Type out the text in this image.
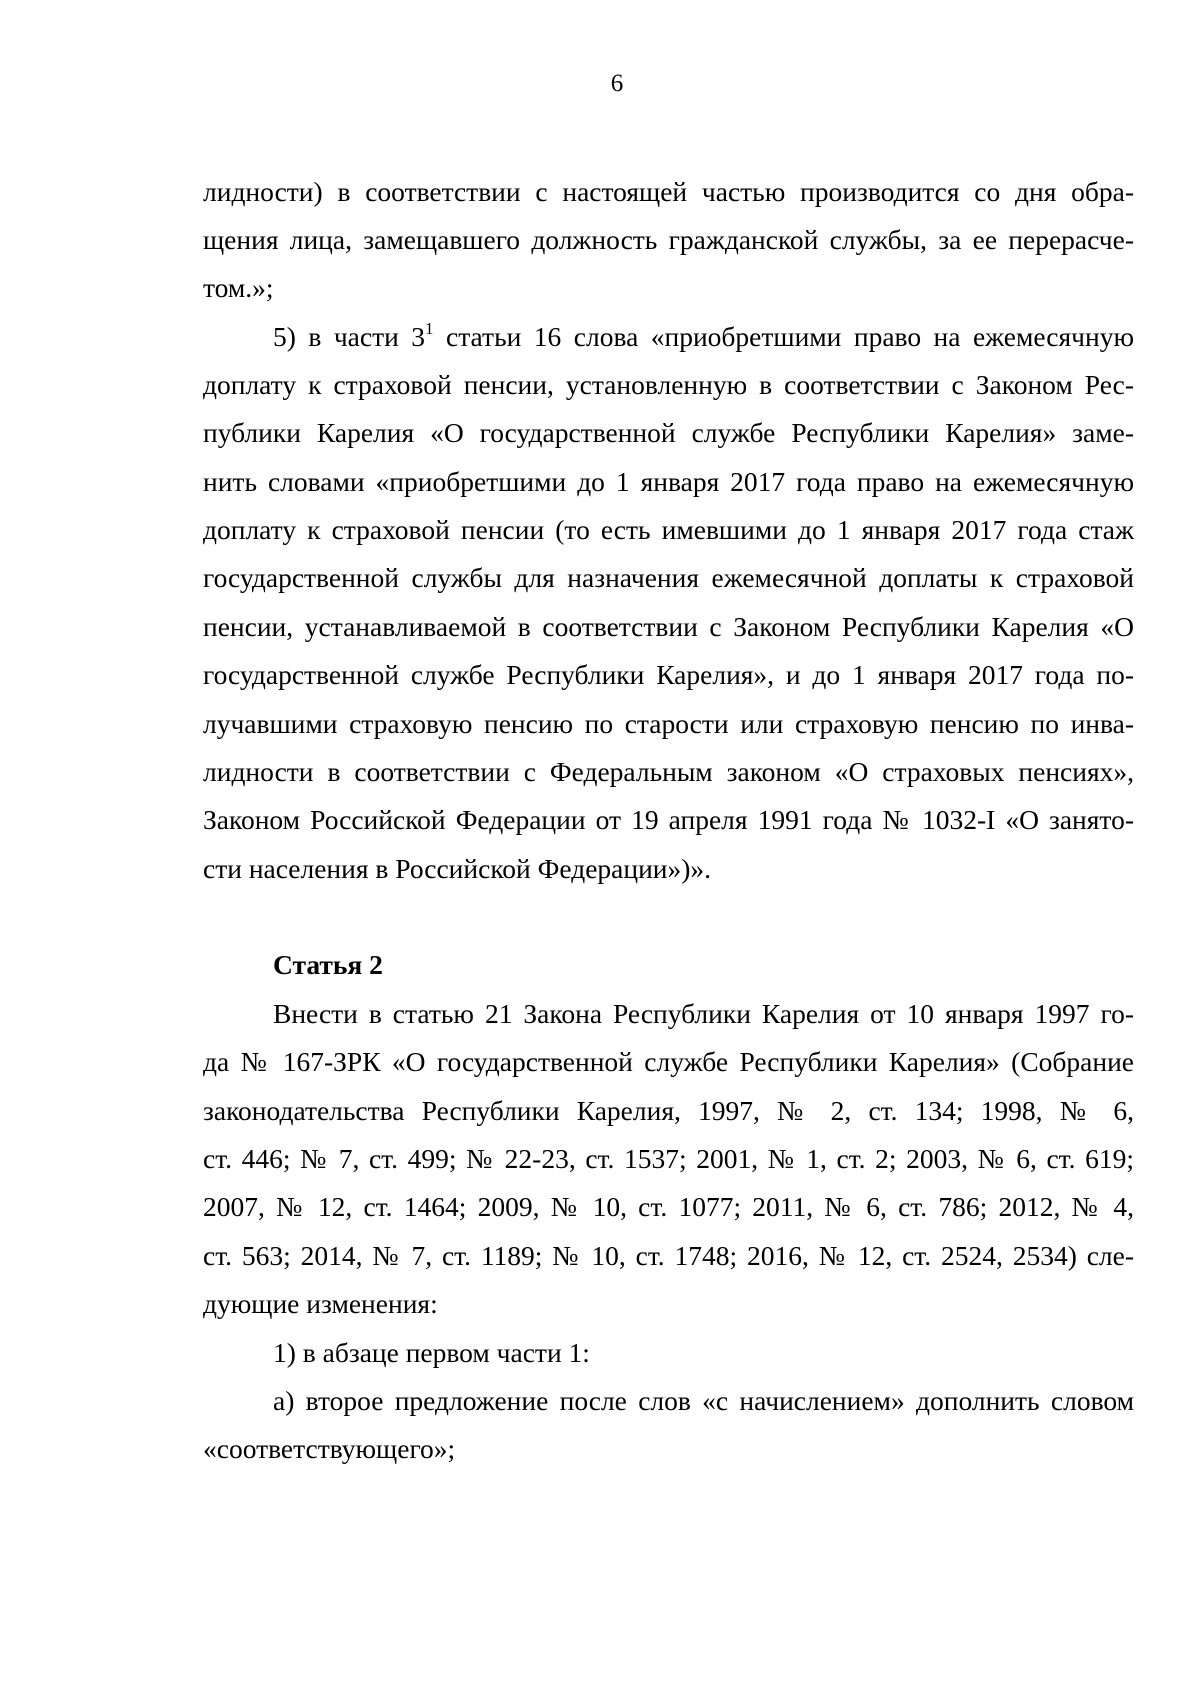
6
лидности) в соответствии с настоящей частью производится со дня обра-
щения лица, замещавшего должность гражданской службы, за ее перерасче-
том.»;
5) в части $3^1$ статьи 16 слова «приобретшими право на ежемесячную
доплату к страховой пенсии, установленную в соответствии с Законом Рес-
публики Карелия «О государственной службе Республики Карелия» заме-
нить словами «приобретшими до 1 января 2017 года право на ежемесячную
доплату к страховой пенсии (то есть имевшими до 1 января 2017 года стаж
государственной службы для назначения ежемесячной доплаты к страховой
пенсии, устанавливаемой в соответствии с Законом Республики Карелия «О
государственной службе Республики Карелия», и до 1 января 2017 года по-
лучавшими страховую пенсию по старости или страховую пенсию по инва-
лидности в соответствии с Федеральным законом «О страховых пенсиях»,
Законом Российской Федерации от 19 апреля 1991 года № 1032-I «О занято-
сти населения в Российской Федерации»)».
Статья 2
Внести в статью 21 Закона Республики Карелия от 10 января 1997 го-
да № 167-ЗРК «О государственной службе Республики Карелия» (Собрание
законодательства Республики Карелия, 1997, № 2, ст. 134; 1998, № 6,
ст. 446; № 7, ст. 499; № 22-23, ст. 1537; 2001, № 1, ст. 2; 2003, № 6, ст. 619;
2007, № 12, ст. 1464; 2009, № 10, ст. 1077; 2011, № 6, ст. 786; 2012, № 4,
ст. 563; 2014, № 7, ст. 1189; № 10, ст. 1748; 2016, № 12, ст. 2524, 2534) сле-
дующие изменения:
1) в абзаце первом части 1:
а) второе предложение после слов «с начислением» дополнить словом
«соответствующего»;
